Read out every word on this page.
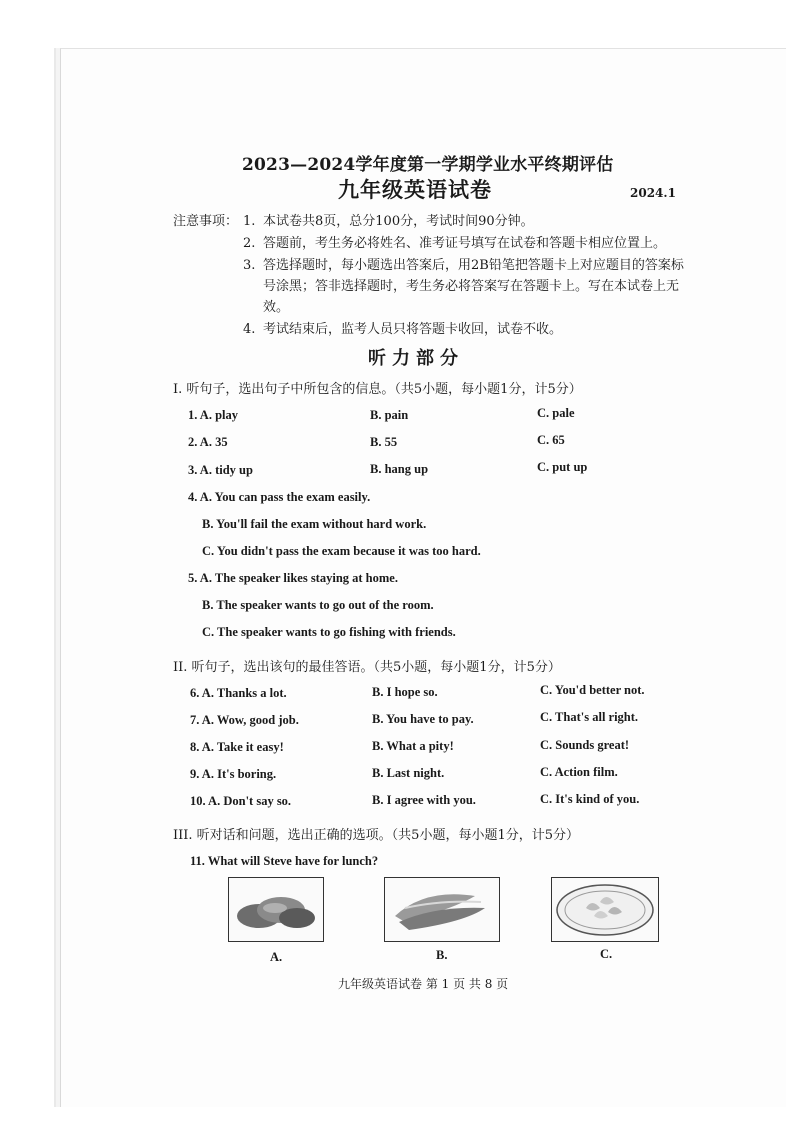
2023—2024学年度第一学期学业水平终期评估
九年级英语试卷	2024.1
注意事项： 1. 本试卷共8页，总分100分，考试时间90分钟。
2. 答题前，考生务必将姓名、准考证号填写在试卷和答题卡相应位置上。
3. 答选择题时，每小题选出答案后，用2B铅笔把答题卡上对应题目的答案标
号涂黑；答非选择题时，考生务必将答案写在答题卡上。写在本试卷上无
效。
4. 考试结束后，监考人员只将答题卡收回，试卷不收。
听力部分
I. 听句子，选出句子中所包含的信息。（共5小题，每小题1分，计5分）
1. A. play	B. pain	C. pale
2. A. 35	B. 55	C. 65
3. A. tidy up	B. hang up	C. put up
4. A. You can pass the exam easily.
B. You'll fail the exam without hard work.
C. You didn't pass the exam because it was too hard.
5. A. The speaker likes staying at home.
B. The speaker wants to go out of the room.
C. The speaker wants to go fishing with friends.
II. 听句子，选出该句的最佳答语。（共5小题，每小题1分，计5分）
6. A. Thanks a lot.	B. I hope so.	C. You'd better not.
7. A. Wow, good job.	B. You have to pay.	C. That's all right.
8. A. Take it easy!	B. What a pity!	C. Sounds great!
9. A. It's boring.	B. Last night.	C. Action film.
10. A. Don't say so.	B. I agree with you.	C. It's kind of you.
III. 听对话和问题，选出正确的选项。（共5小题，每小题1分，计5分）
11. What will Steve have for lunch?
A.	B.	C.
九年级英语试卷 第 1 页 共 8 页
